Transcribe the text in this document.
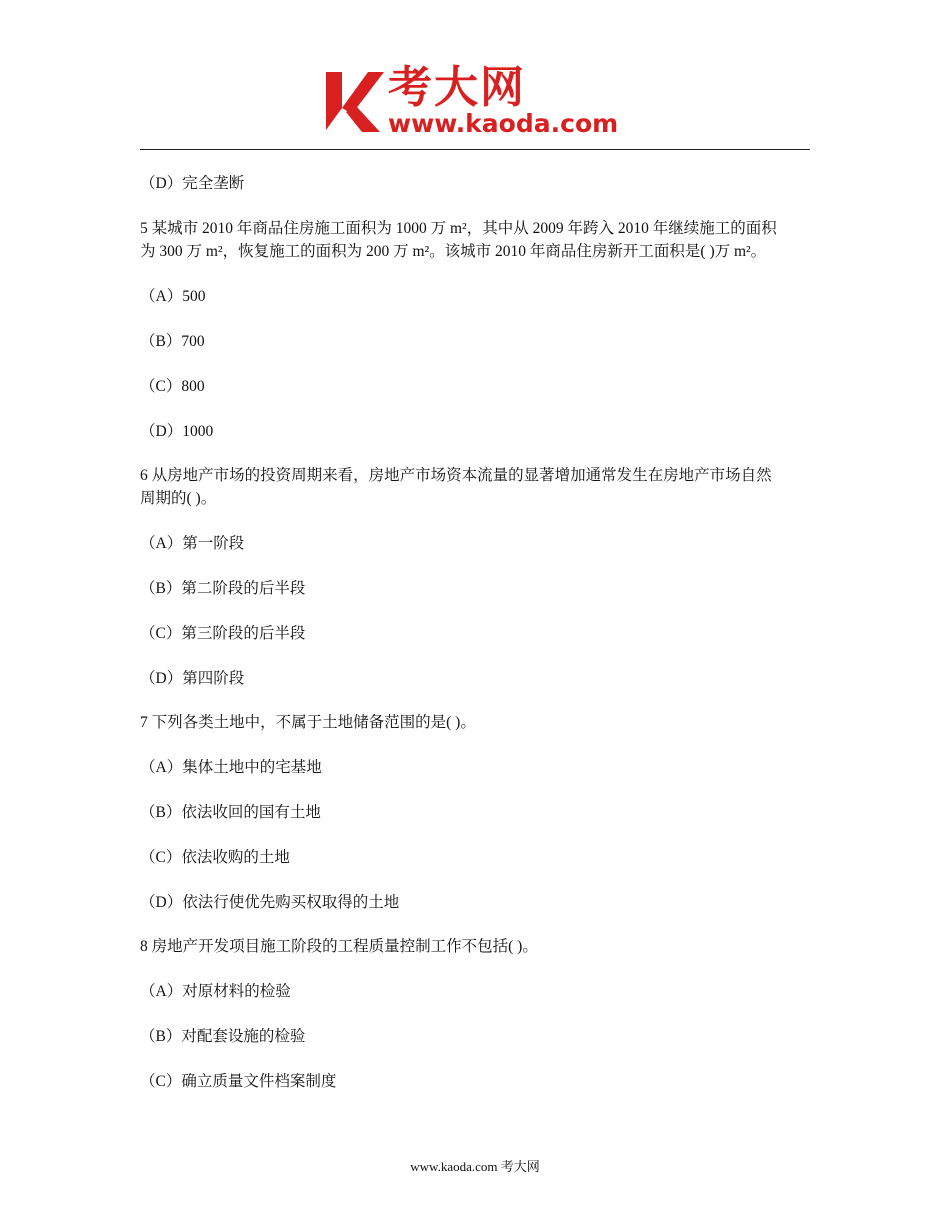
考大网
www.kaoda.com
（D）完全垄断
5 某城市 2010 年商品住房施工面积为 1000 万 m²，其中从 2009 年跨入 2010 年继续施工的面积
为 300 万 m²，恢复施工的面积为 200 万 m²。该城市 2010 年商品住房新开工面积是( )万 m²。
（A）500
（B）700
（C）800
（D）1000
6 从房地产市场的投资周期来看，房地产市场资本流量的显著增加通常发生在房地产市场自然
周期的( )。
（A）第一阶段
（B）第二阶段的后半段
（C）第三阶段的后半段
（D）第四阶段
7 下列各类土地中，不属于土地储备范围的是( )。
（A）集体土地中的宅基地
（B）依法收回的国有土地
（C）依法收购的土地
（D）依法行使优先购买权取得的土地
8 房地产开发项目施工阶段的工程质量控制工作不包括( )。
（A）对原材料的检验
（B）对配套设施的检验
（C）确立质量文件档案制度
www.kaoda.com 考大网
